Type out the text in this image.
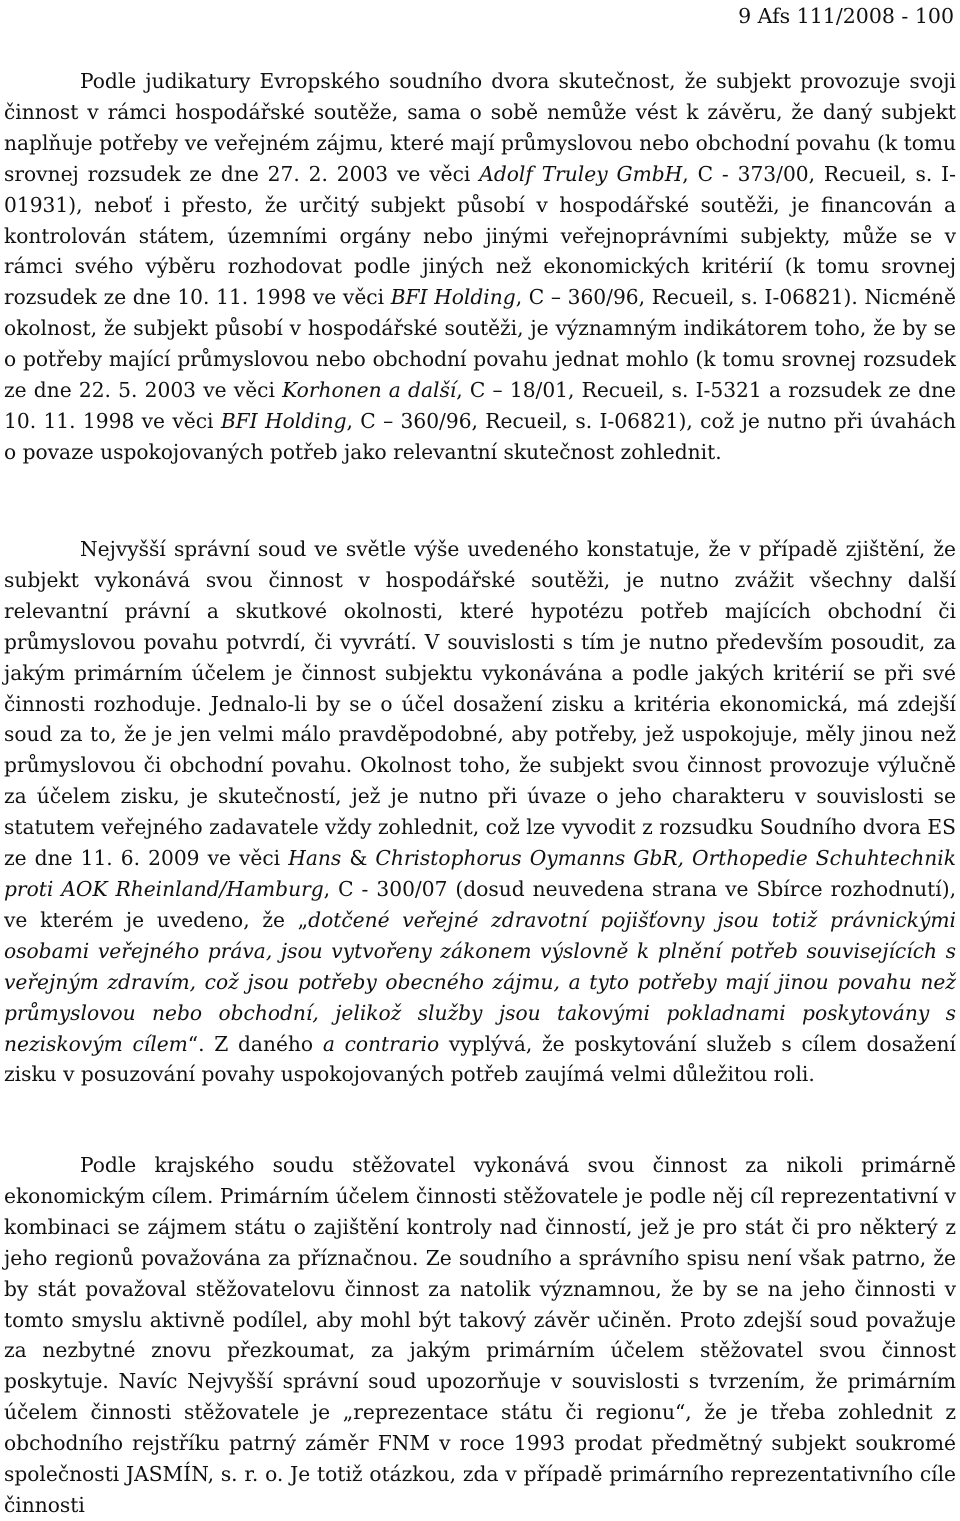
9 Afs 111/2008 - 100

Podle judikatury Evropského soudního dvora skutečnost, že subjekt provozuje svoji činnost v rámci hospodářské soutěže, sama o sobě nemůže vést k závěru, že daný subjekt naplňuje potřeby ve veřejném zájmu, které mají průmyslovou nebo obchodní povahu (k tomu srovnej rozsudek ze dne 27. 2. 2003 ve věci Adolf Truley GmbH, C - 373/00, Recueil, s. I-01931), neboť i přesto, že určitý subjekt působí v hospodářské soutěži, je financován a kontrolován státem, územními orgány nebo jinými veřejnoprávními subjekty, může se v rámci svého výběru rozhodovat podle jiných než ekonomických kritérií (k tomu srovnej rozsudek ze dne 10. 11. 1998 ve věci BFI Holding, C – 360/96, Recueil, s. I-06821). Nicméně okolnost, že subjekt působí v hospodářské soutěži, je významným indikátorem toho, že by se o potřeby mající průmyslovou nebo obchodní povahu jednat mohlo (k tomu srovnej rozsudek ze dne 22. 5. 2003 ve věci Korhonen a další, C – 18/01, Recueil, s. I-5321 a rozsudek ze dne 10. 11. 1998 ve věci BFI Holding, C – 360/96, Recueil, s. I-06821), což je nutno při úvahách o povaze uspokojovaných potřeb jako relevantní skutečnost zohlednit.

Nejvyšší správní soud ve světle výše uvedeného konstatuje, že v případě zjištění, že subjekt vykonává svou činnost v hospodářské soutěži, je nutno zvážit všechny další relevantní právní a skutkové okolnosti, které hypotézu potřeb majících obchodní či průmyslovou povahu potvrdí, či vyvrátí. V souvislosti s tím je nutno především posoudit, za jakým primárním účelem je činnost subjektu vykonávána a podle jakých kritérií se při své činnosti rozhoduje. Jednalo-li by se o účel dosažení zisku a kritéria ekonomická, má zdejší soud za to, že je jen velmi málo pravděpodobné, aby potřeby, jež uspokojuje, měly jinou než průmyslovou či obchodní povahu. Okolnost toho, že subjekt svou činnost provozuje výlučně za účelem zisku, je skutečností, jež je nutno při úvaze o jeho charakteru v souvislosti se statutem veřejného zadavatele vždy zohlednit, což lze vyvodit z rozsudku Soudního dvora ES ze dne 11. 6. 2009 ve věci Hans & Christophorus Oymanns GbR, Orthopedie Schuhtechnik proti AOK Rheinland/Hamburg, C - 300/07 (dosud neuvedena strana ve Sbírce rozhodnutí), ve kterém je uvedeno, že „dotčené veřejné zdravotní pojišťovny jsou totiž právnickými osobami veřejného práva, jsou vytvořeny zákonem výslovně k plnění potřeb souvisejících s veřejným zdravím, což jsou potřeby obecného zájmu, a tyto potřeby mají jinou povahu než průmyslovou nebo obchodní, jelikož služby jsou takovými pokladnami poskytovány s neziskovým cílem“. Z daného a contrario vyplývá, že poskytování služeb s cílem dosažení zisku v posuzování povahy uspokojovaných potřeb zaujímá velmi důležitou roli.

Podle krajského soudu stěžovatel vykonává svou činnost za nikoli primárně ekonomickým cílem. Primárním účelem činnosti stěžovatele je podle něj cíl reprezentativní v kombinaci se zájmem státu o zajištění kontroly nad činností, jež je pro stát či pro některý z jeho regionů považována za příznačnou. Ze soudního a správního spisu není však patrno, že by stát považoval stěžovatelovu činnost za natolik významnou, že by se na jeho činnosti v tomto smyslu aktivně podílel, aby mohl být takový závěr učiněn. Proto zdejší soud považuje za nezbytné znovu přezkoumat, za jakým primárním účelem stěžovatel svou činnost poskytuje. Navíc Nejvyšší správní soud upozorňuje v souvislosti s tvrzením, že primárním účelem činnosti stěžovatele je „reprezentace státu či regionu“, že je třeba zohlednit z obchodního rejstříku patrný záměr FNM v roce 1993 prodat předmětný subjekt soukromé společnosti JASMÍN, s. r. o. Je totiž otázkou, zda v případě primárního reprezentativního cíle činnosti
